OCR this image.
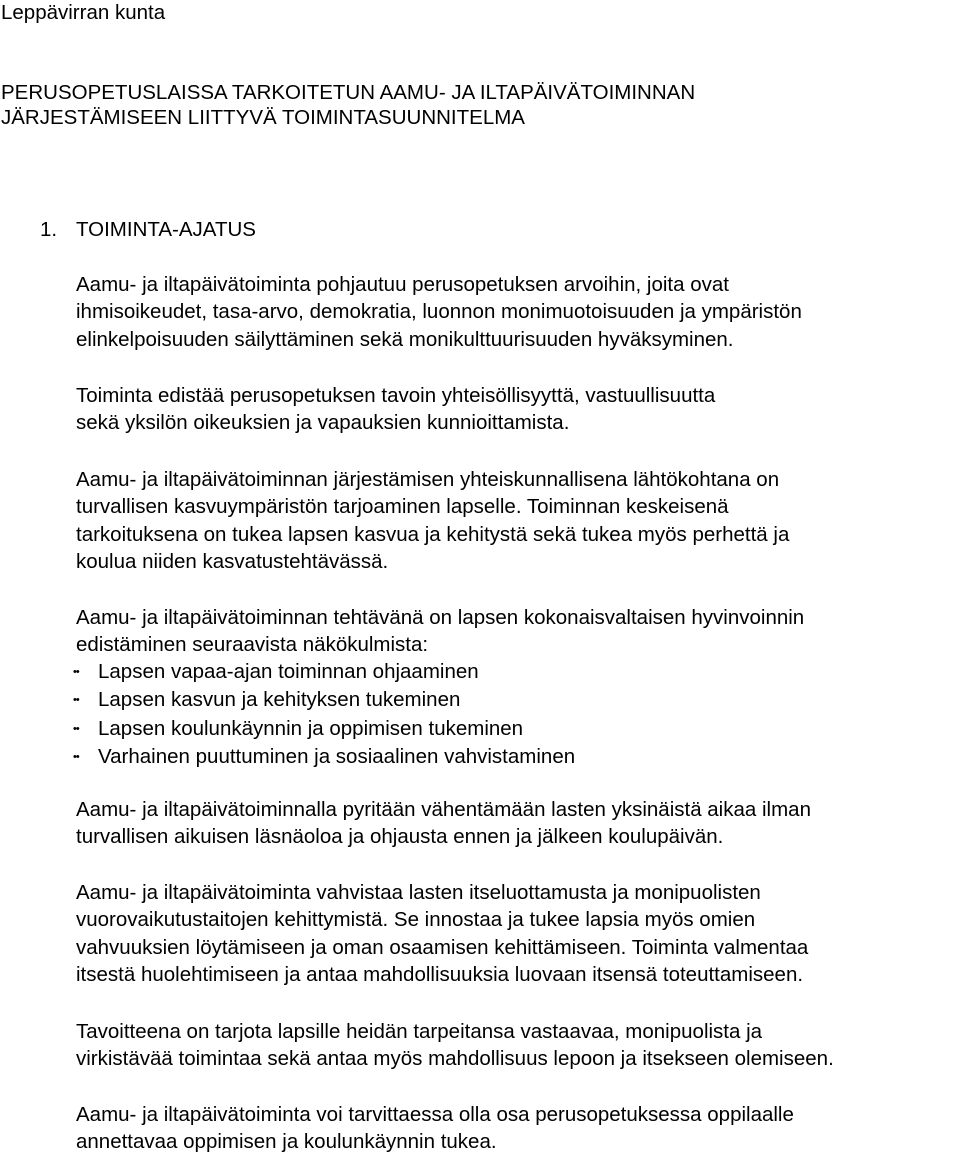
Leppävirran kunta
PERUSOPETUSLAISSA TARKOITETUN AAMU- JA ILTAPÄIVÄTOIMINNAN
JÄRJESTÄMISEEN LIITTYVÄ TOIMINTASUUNNITELMA
1. TOIMINTA-AJATUS

Aamu- ja iltapäivätoiminta pohjautuu perusopetuksen arvoihin, joita ovat
ihmisoikeudet, tasa-arvo, demokratia, luonnon monimuotoisuuden ja ympäristön
elinkelpoisuuden säilyttäminen sekä monikulttuurisuuden hyväksyminen.

Toiminta edistää perusopetuksen tavoin yhteisöllisyyttä, vastuullisuutta
sekä yksilön oikeuksien ja vapauksien kunnioittamista.

Aamu- ja iltapäivätoiminnan järjestämisen yhteiskunnallisena lähtökohtana on
turvallisen kasvuympäristön tarjoaminen lapselle. Toiminnan keskeisenä
tarkoituksena on tukea lapsen kasvua ja kehitystä sekä tukea myös perhettä ja
koulua niiden kasvatustehtävässä.

Aamu- ja iltapäivätoiminnan tehtävänä on lapsen kokonaisvaltaisen hyvinvoinnin
edistäminen seuraavista näkökulmista:

•• Lapsen vapaa-ajan toiminnan ohjaaminen
•• Lapsen kasvun ja kehityksen tukeminen
•• Lapsen koulunkäynnin ja oppimisen tukeminen
•• Varhainen puuttuminen ja sosiaalinen vahvistaminen

Aamu- ja iltapäivätoiminnalla pyritään vähentämään lasten yksinäistä aikaa ilman
turvallisen aikuisen läsnäoloa ja ohjausta ennen ja jälkeen koulupäivän.

Aamu- ja iltapäivätoiminta vahvistaa lasten itseluottamusta ja monipuolisten
vuorovaikutustaitojen kehittymistä. Se innostaa ja tukee lapsia myös omien
vahvuuksien löytämiseen ja oman osaamisen kehittämiseen. Toiminta valmentaa
itsestä huolehtimiseen ja antaa mahdollisuuksia luovaan itsensä toteuttamiseen.

Tavoitteena on tarjota lapsille heidän tarpeitansa vastaavaa, monipuolista ja
virkistävää toimintaa sekä antaa myös mahdollisuus lepoon ja itsekseen olemiseen.

Aamu- ja iltapäivätoiminta voi tarvittaessa olla osa perusopetuksessa oppilaalle
annettavaa oppimisen ja koulunkäynnin tukea.
